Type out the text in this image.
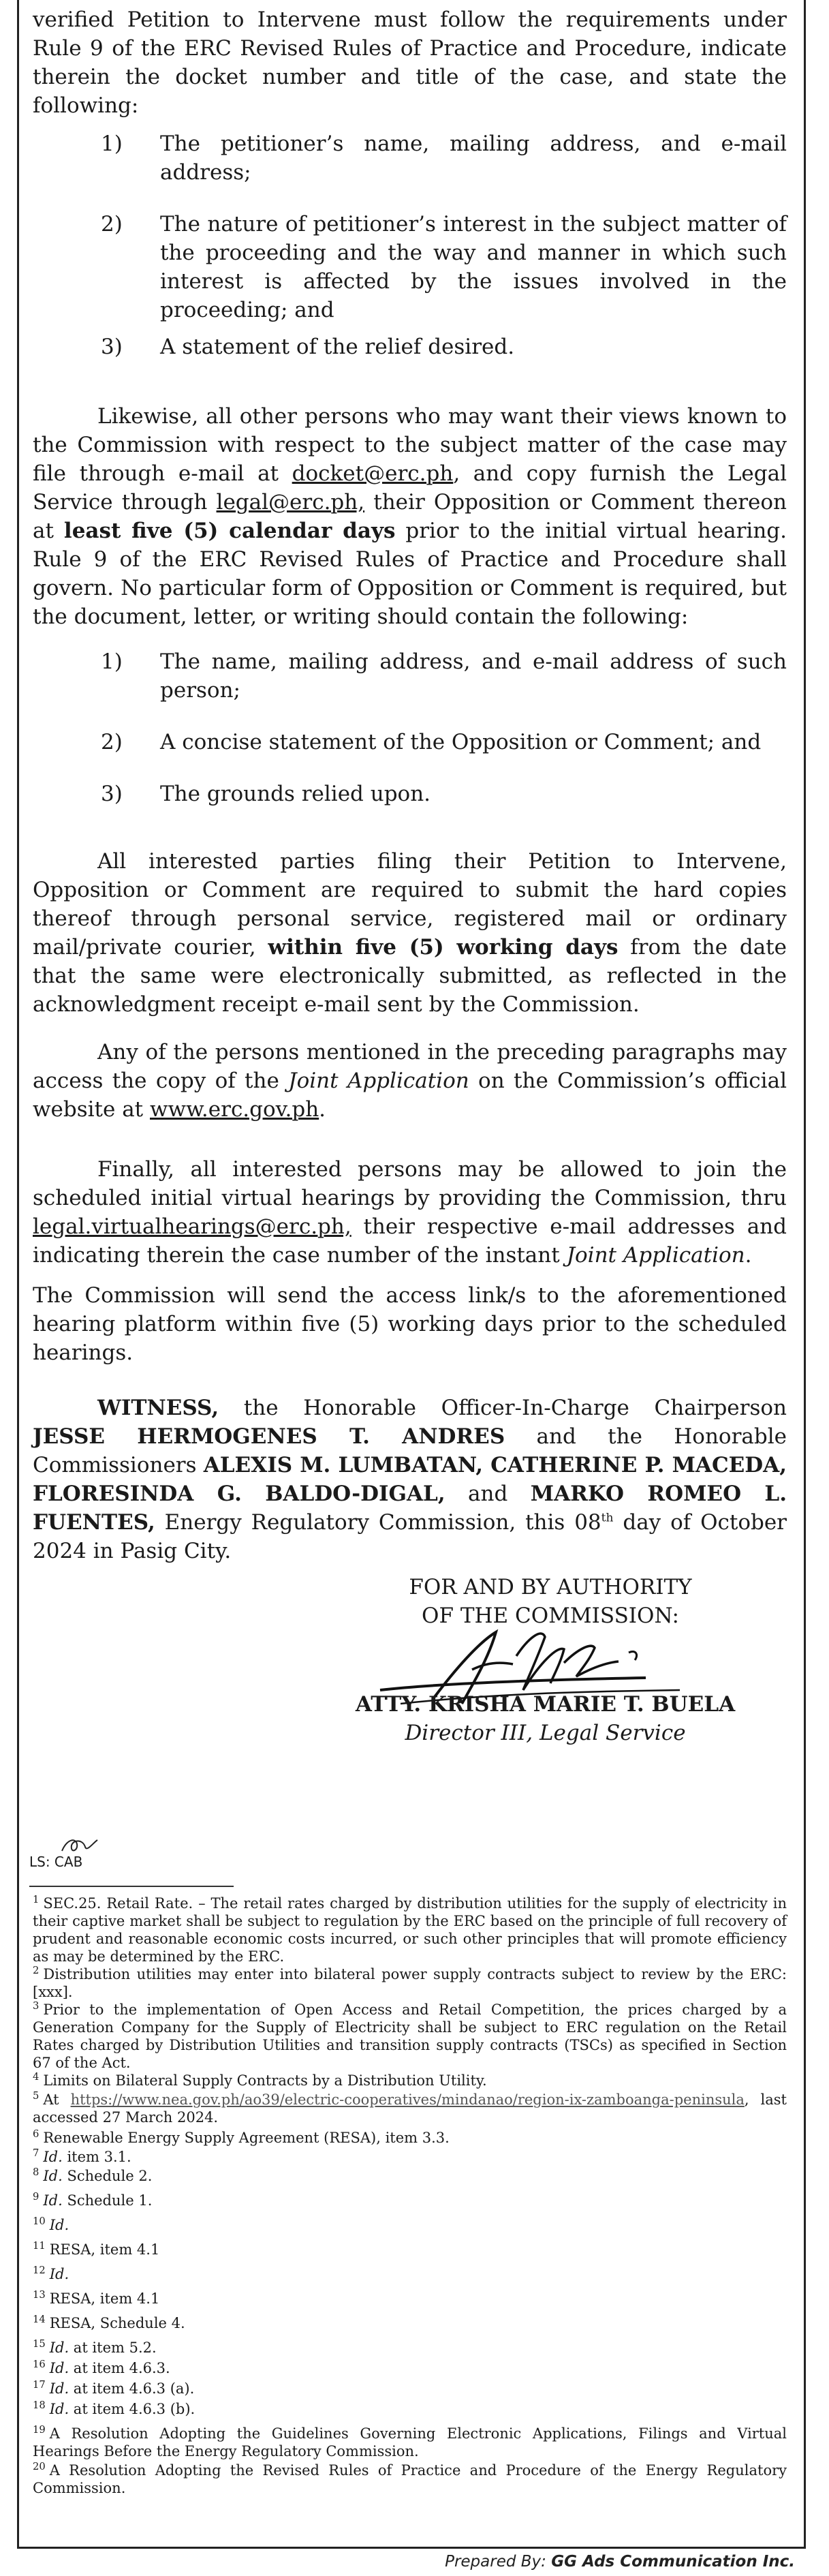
verified Petition to Intervene must follow the requirements under Rule 9 of the ERC Revised Rules of Practice and Procedure, indicate therein the docket number and title of the case, and state the following:

1) The petitioner’s name, mailing address, and e-mail address;

2) The nature of petitioner’s interest in the subject matter of the proceeding and the way and manner in which such interest is affected by the issues involved in the proceeding; and

3) A statement of the relief desired.

Likewise, all other persons who may want their views known to the Commission with respect to the subject matter of the case may file through e-mail at docket@erc.ph, and copy furnish the Legal Service through legal@erc.ph, their Opposition or Comment thereon at least five (5) calendar days prior to the initial virtual hearing. Rule 9 of the ERC Revised Rules of Practice and Procedure shall govern. No particular form of Opposition or Comment is required, but the document, letter, or writing should contain the following:

1) The name, mailing address, and e-mail address of such person;

2) A concise statement of the Opposition or Comment; and

3) The grounds relied upon.

All interested parties filing their Petition to Intervene, Opposition or Comment are required to submit the hard copies thereof through personal service, registered mail or ordinary mail/private courier, within five (5) working days from the date that the same were electronically submitted, as reflected in the acknowledgment receipt e-mail sent by the Commission.

Any of the persons mentioned in the preceding paragraphs may access the copy of the Joint Application on the Commission’s official website at www.erc.gov.ph.

Finally, all interested persons may be allowed to join the scheduled initial virtual hearings by providing the Commission, thru legal.virtualhearings@erc.ph, their respective e-mail addresses and indicating therein the case number of the instant Joint Application.

The Commission will send the access link/s to the aforementioned hearing platform within five (5) working days prior to the scheduled hearings.

WITNESS, the Honorable Officer-In-Charge Chairperson JESSE HERMOGENES T. ANDRES and the Honorable Commissioners ALEXIS M. LUMBATAN, CATHERINE P. MACEDA, FLORESINDA G. BALDO-DIGAL, and MARKO ROMEO L. FUENTES, Energy Regulatory Commission, this 08th day of October 2024 in Pasig City.

FOR AND BY AUTHORITY
OF THE COMMISSION:
ATTY. KRISHA MARIE T. BUELA
Director III, Legal Service
LS: CAB

$^1$ SEC.25. Retail Rate. – The retail rates charged by distribution utilities for the supply of electricity in their captive market shall be subject to regulation by the ERC based on the principle of full recovery of prudent and reasonable economic costs incurred, or such other principles that will promote efficiency as may be determined by the ERC.

$^2$ Distribution utilities may enter into bilateral power supply contracts subject to review by the ERC: [xxx].

$^3$ Prior to the implementation of Open Access and Retail Competition, the prices charged by a Generation Company for the Supply of Electricity shall be subject to ERC regulation on the Retail Rates charged by Distribution Utilities and transition supply contracts (TSCs) as specified in Section 67 of the Act.

$^4$ Limits on Bilateral Supply Contracts by a Distribution Utility.

$^5$ At https://www.nea.gov.ph/ao39/electric-cooperatives/mindanao/region-ix-zamboanga-peninsula, last accessed 27 March 2024.

$^6$ Renewable Energy Supply Agreement (RESA), item 3.3.

$^7$ Id. item 3.1.

$^8$ Id. Schedule 2.

$^9$ Id. Schedule 1.

$^{10}$ Id.

$^{11}$ RESA, item 4.1

$^{12}$ Id.

$^{13}$ RESA, item 4.1

$^{14}$ RESA, Schedule 4.

$^{15}$ Id. at item 5.2.

$^{16}$ Id. at item 4.6.3.

$^{17}$ Id. at item 4.6.3 (a).

$^{18}$ Id. at item 4.6.3 (b).

$^{19}$ A Resolution Adopting the Guidelines Governing Electronic Applications, Filings and Virtual Hearings Before the Energy Regulatory Commission.

$^{20}$ A Resolution Adopting the Revised Rules of Practice and Procedure of the Energy Regulatory Commission.

Prepared By: GG Ads Communication Inc.
